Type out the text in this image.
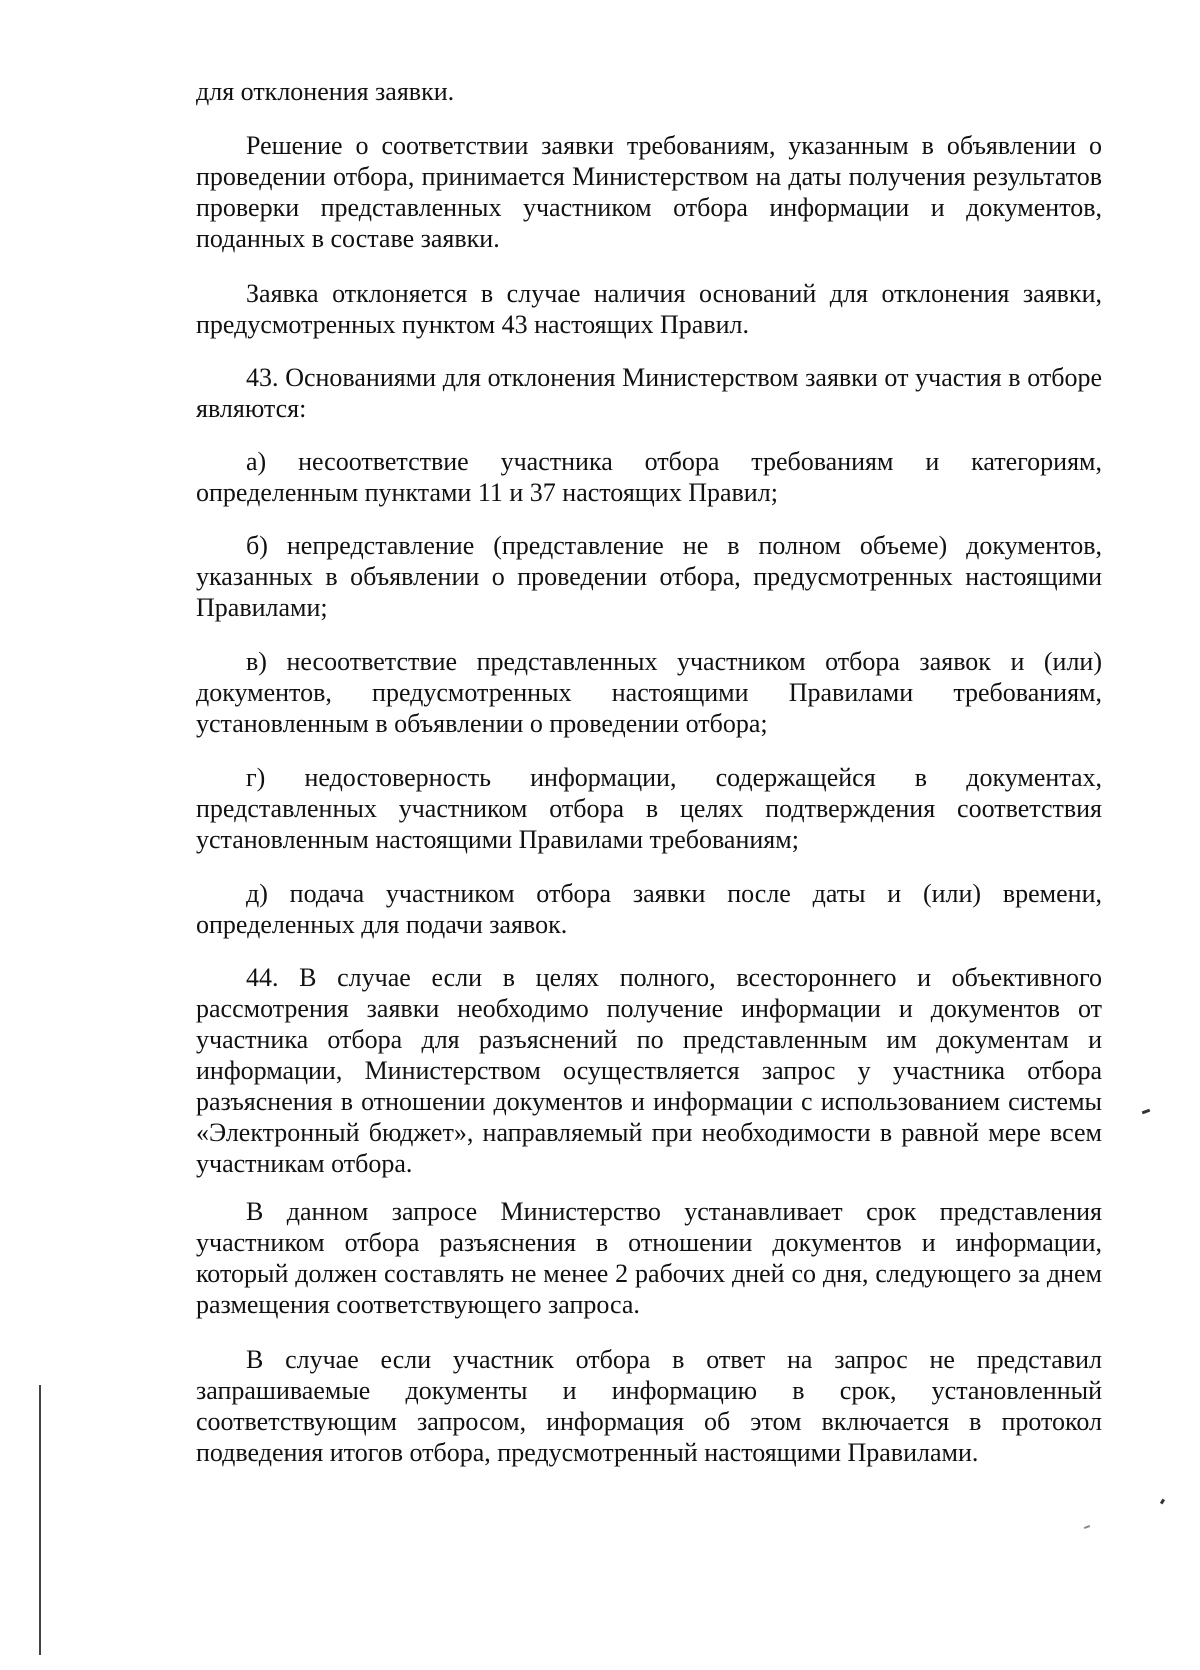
для отклонения заявки.

Решение о соответствии заявки требованиям, указанным в объявлении о проведении отбора, принимается Министерством на даты получения результатов проверки представленных участником отбора информации и документов, поданных в составе заявки.

Заявка отклоняется в случае наличия оснований для отклонения заявки, предусмотренных пунктом 43 настоящих Правил.

43. Основаниями для отклонения Министерством заявки от участия в отборе являются:

а) несоответствие участника отбора требованиям и категориям, определенным пунктами 11 и 37 настоящих Правил;

б) непредставление (представление не в полном объеме) документов, указанных в объявлении о проведении отбора, предусмотренных настоящими Правилами;

в) несоответствие представленных участником отбора заявок и (или) документов, предусмотренных настоящими Правилами требованиям, установленным в объявлении о проведении отбора;

г) недостоверность информации, содержащейся в документах, представленных участником отбора в целях подтверждения соответствия установленным настоящими Правилами требованиям;

д) подача участником отбора заявки после даты и (или) времени, определенных для подачи заявок.

44. В случае если в целях полного, всестороннего и объективного рассмотрения заявки необходимо получение информации и документов от участника отбора для разъяснений по представленным им документам и информации, Министерством осуществляется запрос у участника отбора разъяснения в отношении документов и информации с использованием системы «Электронный бюджет», направляемый при необходимости в равной мере всем участникам отбора.

В данном запросе Министерство устанавливает срок представления участником отбора разъяснения в отношении документов и информации, который должен составлять не менее 2 рабочих дней со дня, следующего за днем размещения соответствующего запроса.

В случае если участник отбора в ответ на запрос не представил запрашиваемые документы и информацию в срок, установленный соответствующим запросом, информация об этом включается в протокол подведения итогов отбора, предусмотренный настоящими Правилами.
